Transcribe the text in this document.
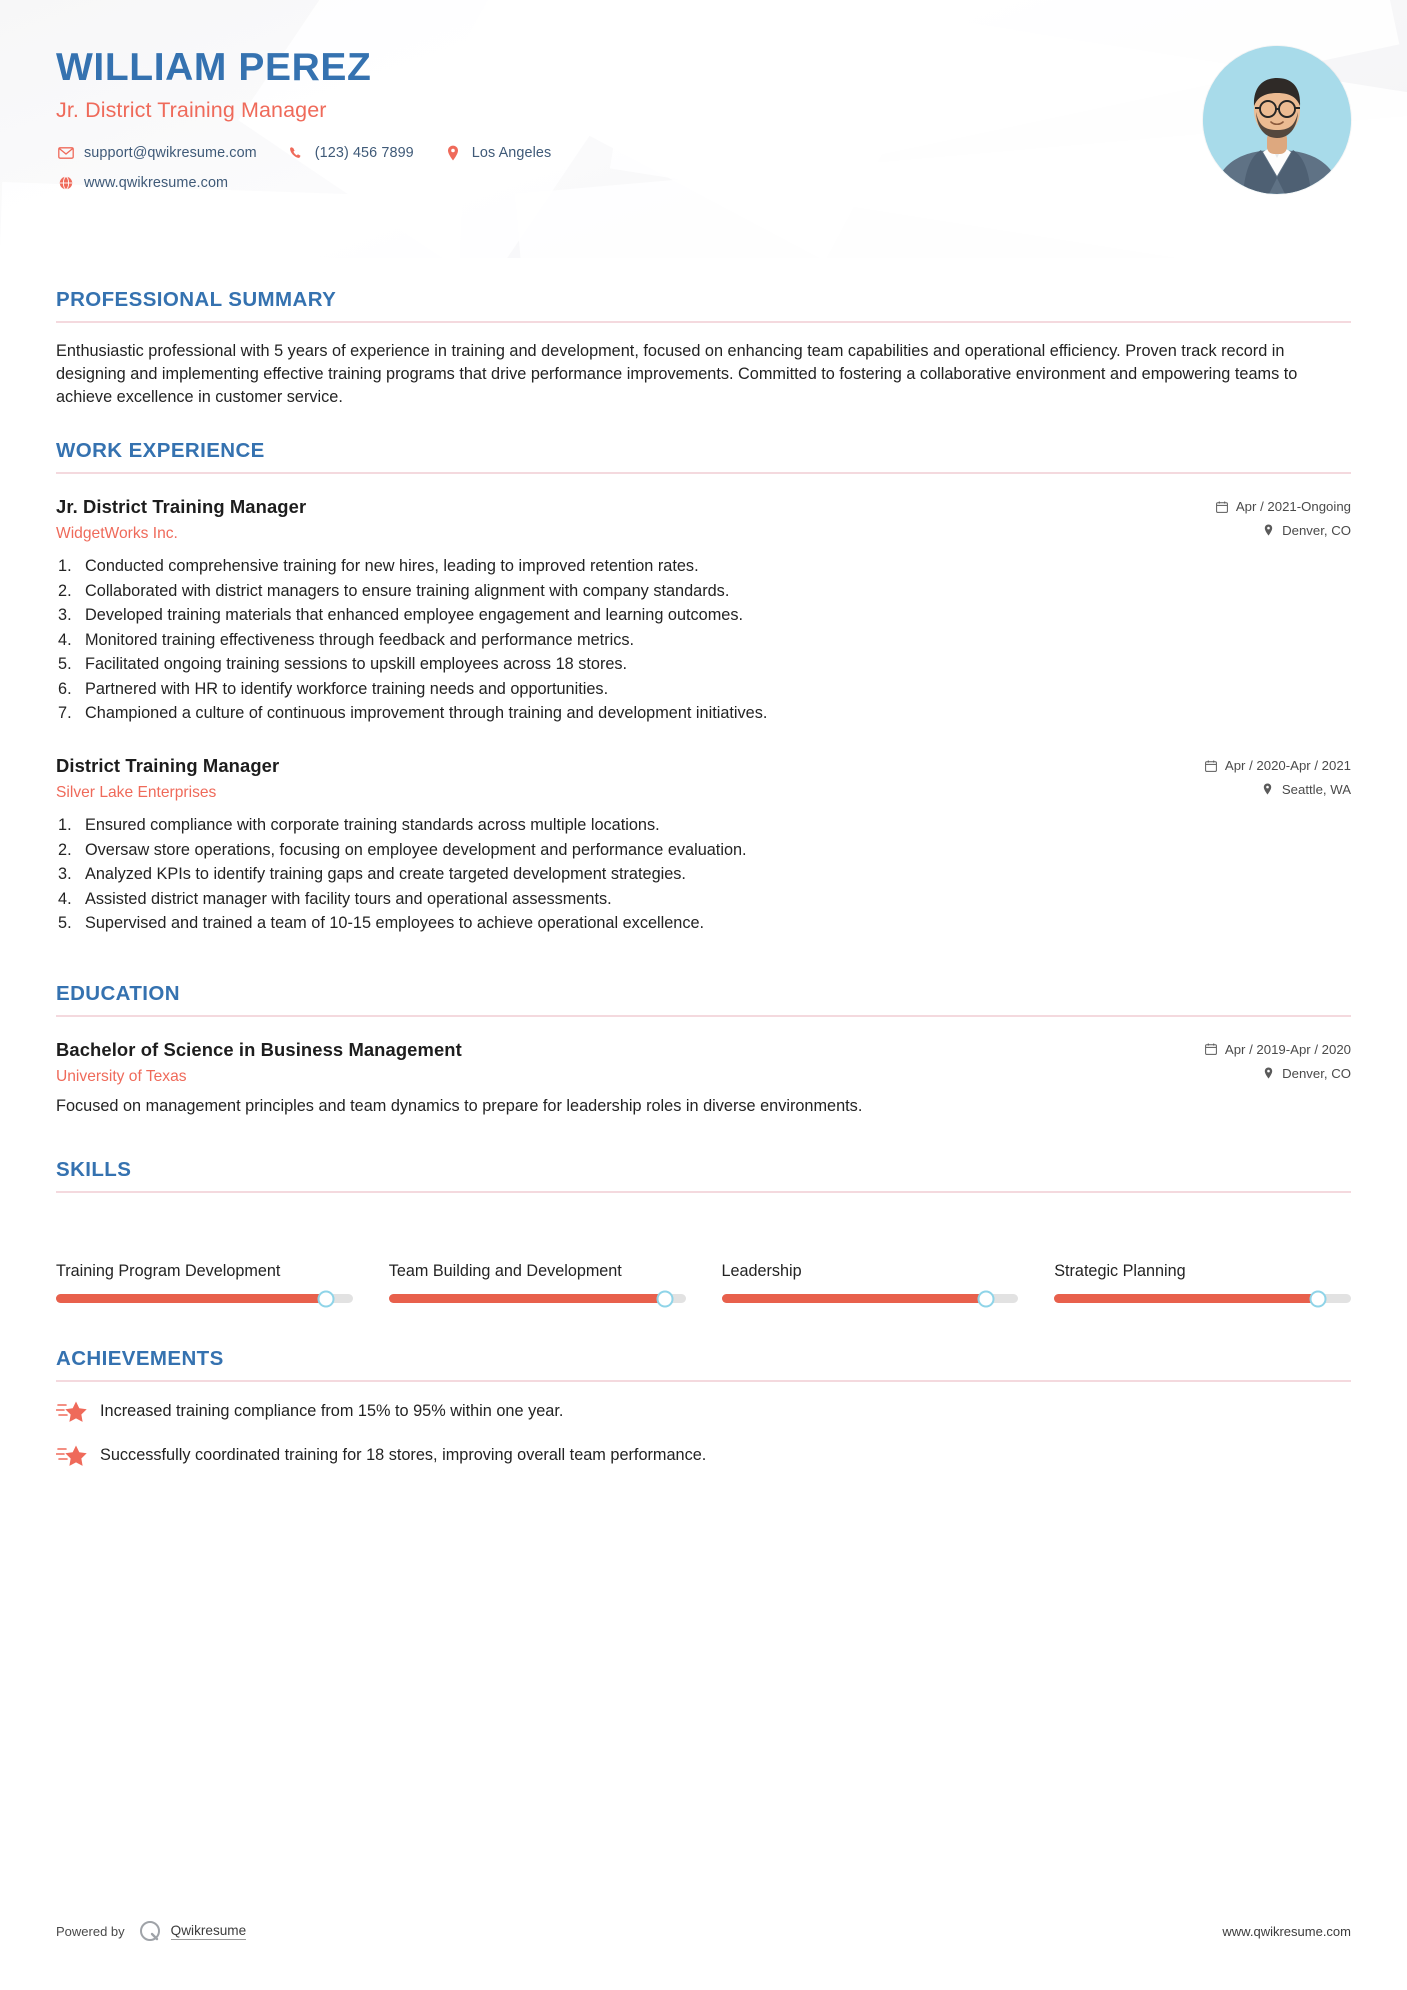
WILLIAM PEREZ
Jr. District Training Manager
support@qwikresume.com	(123) 456 7899	Los Angeles
www.qwikresume.com
PROFESSIONAL SUMMARY
Enthusiastic professional with 5 years of experience in training and development, focused on enhancing team capabilities and operational efficiency. Proven track record in designing and implementing effective training programs that drive performance improvements. Committed to fostering a collaborative environment and empowering teams to achieve excellence in customer service.
WORK EXPERIENCE
Jr. District Training Manager
WidgetWorks Inc.
Apr / 2021-Ongoing
Denver, CO
Conducted comprehensive training for new hires, leading to improved retention rates.
Collaborated with district managers to ensure training alignment with company standards.
Developed training materials that enhanced employee engagement and learning outcomes.
Monitored training effectiveness through feedback and performance metrics.
Facilitated ongoing training sessions to upskill employees across 18 stores.
Partnered with HR to identify workforce training needs and opportunities.
Championed a culture of continuous improvement through training and development initiatives.
District Training Manager
Silver Lake Enterprises
Apr / 2020-Apr / 2021
Seattle, WA
Ensured compliance with corporate training standards across multiple locations.
Oversaw store operations, focusing on employee development and performance evaluation.
Analyzed KPIs to identify training gaps and create targeted development strategies.
Assisted district manager with facility tours and operational assessments.
Supervised and trained a team of 10-15 employees to achieve operational excellence.
EDUCATION
Bachelor of Science in Business Management
University of Texas
Apr / 2019-Apr / 2020
Denver, CO
Focused on management principles and team dynamics to prepare for leadership roles in diverse environments.
SKILLS
Training Program Development	Team Building and Development	Leadership	Strategic Planning
ACHIEVEMENTS
Increased training compliance from 15% to 95% within one year.
Successfully coordinated training for 18 stores, improving overall team performance.
Powered by	Qwikresume	www.qwikresume.com
